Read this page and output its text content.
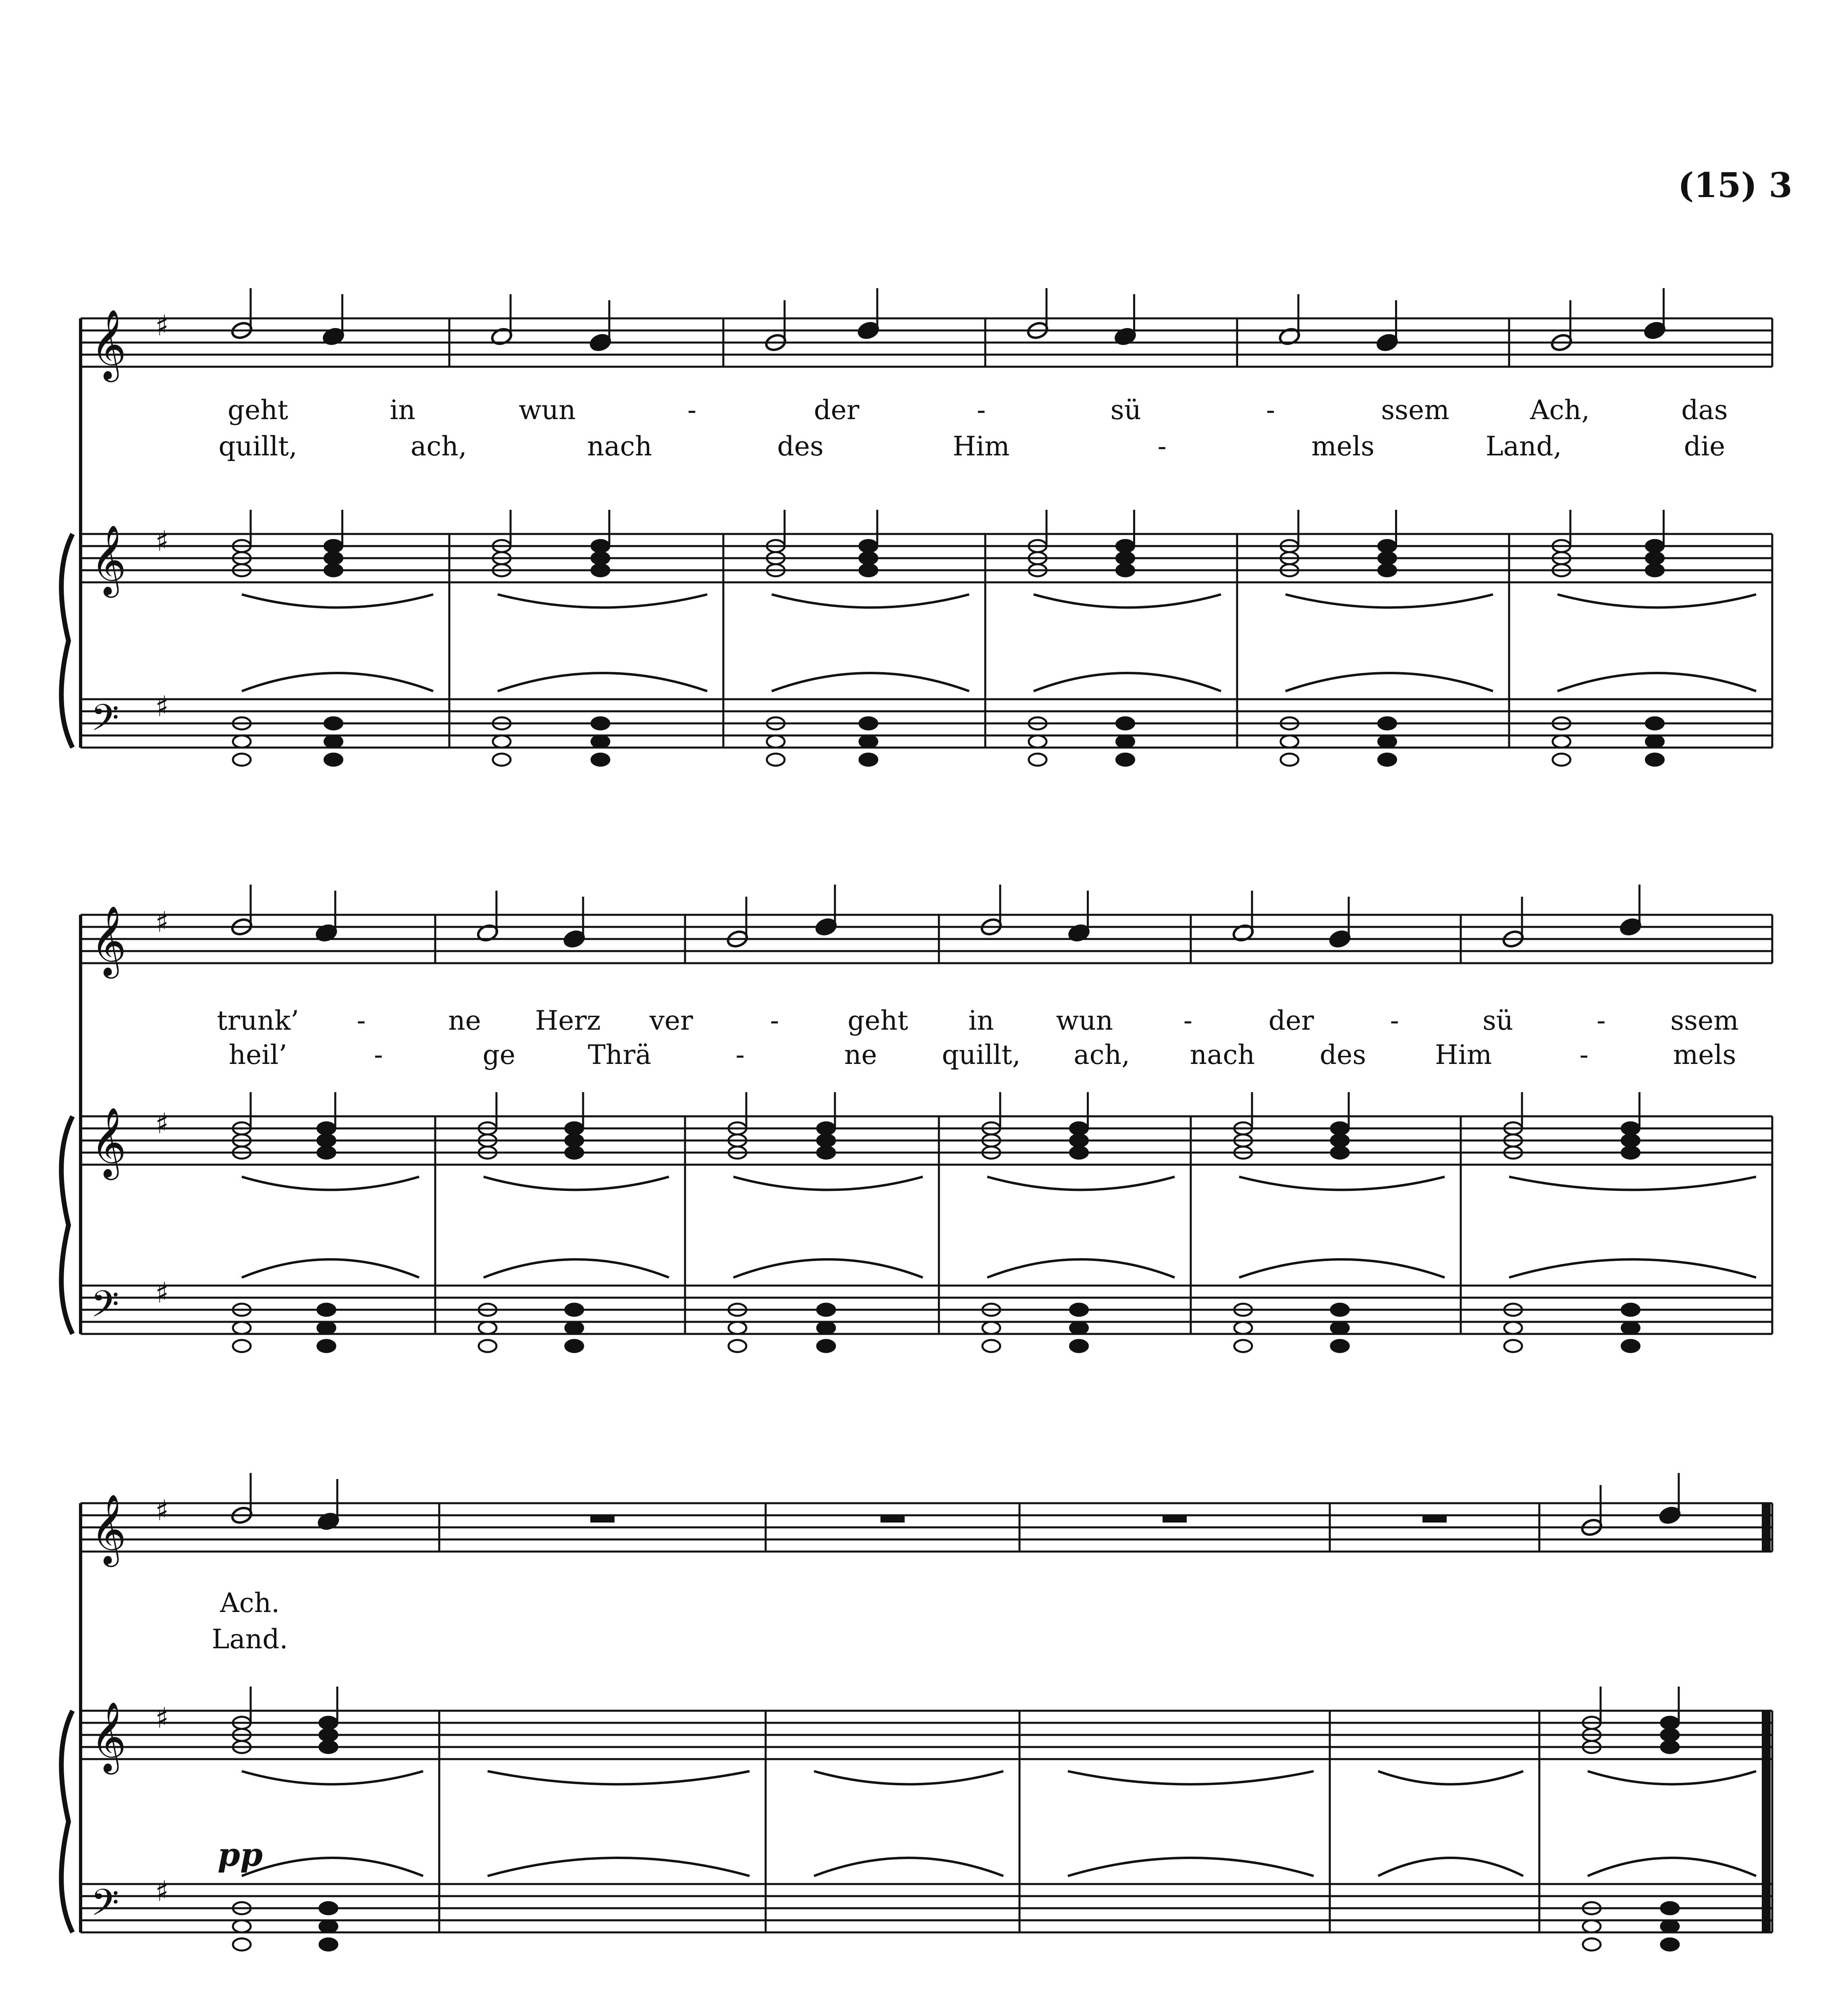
(15) 3
𝄞 ♯
𝄞 ♯
𝄢 ♯
𝄞 ♯
𝄞 ♯
𝄢 ♯
𝄞 ♯
𝄞 ♯
𝄢 ♯
geht	in	wun	-	der	-	sü	-	ssem	Ach,	das
quillt,	ach,	nach	des	Him	-	mels	Land,	die
trunk’ -	ne Herz ver	-	geht in wun	-	der	-	sü	- ssem
heil’	-	ge	Thrä	-	ne quillt, ach, nach des	Him	-	mels
Ach.
Land.
pp
